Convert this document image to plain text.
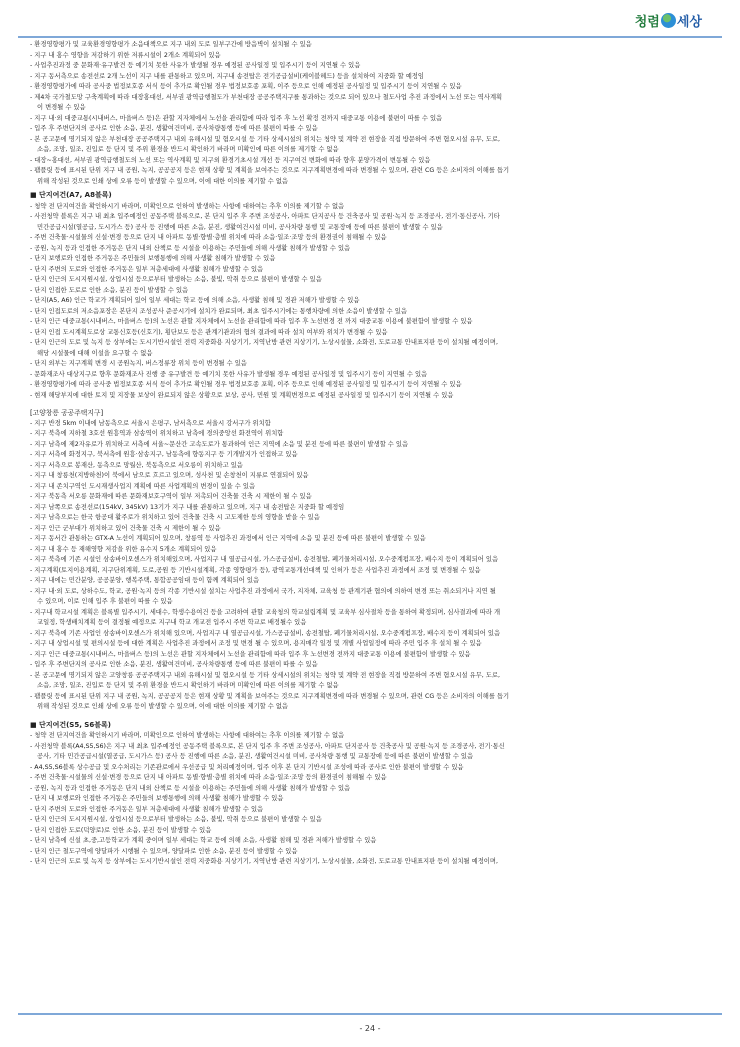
청렴 세상

- 환경영향평가 및 교육환경영향평가 소음대책으로 지구 내외 도로 일부구간에 방음벽이 설치될 수 있음

- 지구 내 홍수 영향을 저감하기 위한 저류시설이 2개소 계획되어 있음

- 사업추진과정 중 문화재·유구발견 등 예기치 못한 사유가 발생될 경우 예정된 공사일정 및 입주시기 등이 지연될 수 있음

- 지구 동서측으로 송전선로 2개 노선이 지구 내를 관통하고 있으며, 지구내 송전탑은 전기공급설비(케이블헤드) 등을 설치하여 지중화 할 예정임

- 환경영향평가에 따라 공사중 법정보호종 서식 등이 추가로 확인될 경우 법정보호종 포획, 이주 등으로 인해 예정된 공사일정 및 입주시기 등이 지연될 수 있음

- 제4차 국가철도망 구축계획에 따라 대장홍대선, 서부권 광역급행철도가 부천대장 공공주택지구를 통과하는 것으로 되어 있으나 철도사업 추진 과정에서 노선 또는 역사계획

이 변경될 수 있음

- 지구 내·외 대중교통(시내버스, 마을버스 등)은 관할 지자체에서 노선을 관리함에 따라 입주 후 노선 확정 전까지 대중교통 이용에 불편이 따를 수 있음

- 입주 후 주변단지의 공사로 인한 소음, 분진, 생활여건미비, 공사차량통행 등에 따른 불편이 따를 수 있음

- 본 공고문에 명기되지 않은 부천대장 공공주택지구 내외 유해시설 및 혐오시설 등 기타 상세시설의 위치는 청약 및 계약 전 현장을 직접 방문하여 주변 혐오시설 유무, 도로,

소음, 조망, 일조, 진입로 등 단지 및 주위 환경을 반드시 확인하기 바라며 미확인에 따른 이의를 제기할 수 없음

- 대장~홍대선, 서부권 광역급행철도의 노선 또는 역사계획 및 지구외 환경기초시설 개선 등 지구여건 변화에 따라 향후 분양가격이 변동될 수 있음

- 팸플릿 등에 표시된 단위 지구 내 공원, 녹지, 공공공지 등은 현재 상황 및 계획을 보여주는 것으로 지구계획변경에 따라 변경될 수 있으며, 관련 CG 등은 소비자의 이해를 돕기

위해 작성된 것으로 인쇄 상에 오류 등이 발생할 수 있으며, 이에 대한 이의를 제기할 수 없음

■ 단지여건(A7, A8블록)

- 청약 전 단지여건을 확인하시기 바라며, 미확인으로 인하여 발생하는 사항에 대하여는 추후 이의를 제기할 수 없음

- 사전청약 블록은 지구 내 최초 입주예정인 공동주택 블록으로, 본 단지 입주 후 주변 조성공사, 아파트 단지공사 등 건축공사 및 공원·녹지 등 조경공사, 전기·통신공사, 기타

민간공급시설(열공급, 도시가스 등) 공사 등 진행에 따른 소음, 분진, 생활여건시설 미비, 공사차량 통행 및 교통장애 등에 따른 불편이 발생할 수 있음

- 주변 건축물·시설물의 신설·변경 등으로 단지 내 아파트 동별·향별·층별 위치에 따라 소음·일조·조망 등의 환경권이 침해될 수 있음

- 공원, 녹지 등과 인접한 주거동은 단지 내외 산책로 등 시설을 이용하는 주민들에 의해 사생활 침해가 발생할 수 있음

- 단지 보행로와 인접한 주거동은 주민들의 보행통행에 의해 사생활 침해가 발생할 수 있음

- 단지 주변의 도로와 인접한 주거동은 일부 저층세대에 사생활 침해가 발생할 수 있음

- 단지 인근의 도시지원시설, 상업시설 등으로부터 발생하는 소음, 불빛, 악취 등으로 불편이 발생할 수 있음

- 단지 인접한 도로로 인한 소음, 분진 등이 발생할 수 있음

- 단지(A5, A6) 인근 학교가 계획되어 있어 일부 세대는 학교 등에 의해 소음, 사생활 침해 및 경관 저해가 발생할 수 있음

- 단지 인접도로의 저소음포장은 본단지 조성공사 준공시기에 설치가 완료되며, 최초 입주시기에는 통행차량에 의한 소음이 발생할 수 있음

- 단지 인근 대중교통(시내버스, 마을버스 등)의 노선은 관할 지자체에서 노선을 관리함에 따라 입주 후 노선변경 전 까지 대중교통 이용에 불편함이 발생할 수 있음

- 단지 인접 도시계획도로상 교통신호등(신호기), 횡단보도 등은 관계기관과의 협의 결과에 따라 설치 여부와 위치가 변경될 수 있음

- 단지 인근의 도로 및 녹지 등 상부에는 도시기반시설인 전력 지중화용 지상기기, 지역난방 관련 지상기기, 노상시설물, 소화전, 도로교통 안내표지판 등이 설치될 예정이며,

해당 시설물에 대해 이설을 요구할 수 없음

- 단지 외부는 지구계획 변경 시 공원녹지, 버스정류장 위치 등이 변경될 수 있음

- 문화재조사 대상지구로 향후 문화재조사 진행 중 유구발견 등 예기치 못한 사유가 발생될 경우 예정된 공사일정 및 입주시기 등이 지연될 수 있음

- 환경영향평가에 따라 공사중 법정보호종 서식 등이 추가로 확인될 경우 법정보호종 포획, 이주 등으로 인해 예정된 공사일정 및 입주시기 등이 지연될 수 있음

- 현재 해당부지에 대한 토지 및 지장물 보상이 완료되지 않은 상황으로 보상, 공사, 민원 및 계획변경으로 예정된 공사일정 및 입주시기 등이 지연될 수 있음

[고양창릉 공공주택지구]

- 지구 반경 5km 이내에 남동측으로 서울시 은평구, 남서측으로 서울시 강서구가 위치함

- 지구 북측에 지하철 3호선 원흥역과 삼송역이 위치하고 남측에 경의중앙선 화전역이 위치함

- 지구 남측에 제2자유로가 위치하고 서측에 서울~문산간 고속도로가 통과하여 인근 지역에 소음 및 분진 등에 따른 불편이 발생할 수 있음

- 지구 서측에 화정지구, 북서측에 원흥·삼송지구, 남동측에 향동지구 등 기개발지가 인접하고 있음

- 지구 서측으로 봉재산, 동측으로 망월산, 북동측으로 서오릉이 위치하고 있음

- 지구 내 창릉천(지방하천)이 북에서 남으로 흐르고 있으며, 성사천 및 손창천이 지류로 연결되어 있음

- 지구 내 존치구역인 도시재생사업지 계획에 따른 사업계획의 변경이 있을 수 있음

- 지구 북동측 서오릉 문화재에 따른 문화재보호구역이 일부 저촉되어 건축물 건축 시 제한이 될 수 있음

- 지구 남쪽으로 송전선로(154kV, 345kV) 13기가 지구 내를 관통하고 있으며, 지구 내 송전탑은 지중화 할 예정임

- 지구 남측으로는 한국 항공대 활주로가 위치하고 있어 건축물 건축 시 고도제한 등의 영향을 받을 수 있음

- 지구 인근 군부대가 위치하고 있어 건축물 건축 시 제한이 될 수 있음

- 지구 동서간 관통하는 GTX-A 노선이 계획되어 있으며, 창릉역 등 사업추진 과정에서 인근 지역에 소음 및 분진 등에 따른 불편이 발생할 수 있음

- 지구 내 홍수 등 재해영향 저감을 위한 유수지 5개소 계획되어 있음

- 지구 북측에 기존 시설인 삼송바이오센스가 위치해있으며, 사업지구 내 열공급시설, 가스공급설비, 송전철탑, 폐기물처리시설, 오수중계펌프장, 배수지 등이 계획되어 있음

- 지구계획(토지이용계획, 지구단위계획, 도로,공원 등 기반시설계획, 각종 영향평가 등), 광역교통개선대책 및 인허가 등은 사업추진 과정에서 조정 및 변경될 수 있음

- 지구 내에는 민간분양, 공공분양, 행복주택, 통합공공임대 등이 함께 계획되어 있음

- 지구 내·외 도로, 상하수도, 학교, 공원·녹지 등의 각종 기반시설 설치는 사업추진 과정에서 국가, 지자체, 교육청 등 관계기관 협의에 의하여 변경 또는 취소되거나 지연 될

수 있으며, 이로 인해 입주 후 불편이 따를 수 있음

- 지구내 학교시설 계획은 블록별 입주시기, 세대수, 학생수용여건 등을 고려하여 관할 교육청의 학교설립계획 및 교육부 심사절차 등을 통하여 확정되며, 심사결과에 따라 개

교일정, 학생배치계획 등이 결정될 예정으로 지구내 학교 개교전 입주시 주변 학교로 배정될수 있음

- 지구 북측에 기존 사업인 삼송바이오센스가 위치해 있으며, 사업지구 내 열공급시설, 가스공급설비, 송전철탑, 폐기물처리시설, 오수중계펌프장, 배수지 등이 계획되어 있음

- 지구 내 상업시설 및 편의시설 등에 대한 계획은 사업추진 과정에서 조정 및 변경 될 수 있으며, 용지매각 일정 및 개별 사업일정에 따라 주민 입주 후 설치 될 수 있음

- 지구 인근 대중교통(시내버스, 마을버스 등)의 노선은 관할 지자체에서 노선을 관리함에 따라 입주 후 노선변경 전까지 대중교통 이용에 불편함이 발생할 수 있음

- 입주 후 주변단지의 공사로 인한 소음, 분진, 생활여건미비, 공사차량통행 등에 따른 불편이 따를 수 있음

- 본 공고문에 명기되지 않은 고양창릉 공공주택지구 내외 유해시설 및 혐오시설 등 기타 상세시설의 위치는 청약 및 계약 전 현장을 직접 방문하여 주변 혐오시설 유무, 도로,

소음, 조망, 일조, 진입로 등 단지 및 주위 환경을 반드시 확인하기 바라며 미확인에 따른 이의를 제기할 수 없음

- 팸플릿 등에 표시된 단위 지구 내 공원, 녹지, 공공공지 등은 현재 상황 및 계획을 보여주는 것으로 지구계획변경에 따라 변경될 수 있으며, 관련 CG 등은 소비자의 이해를 돕기

위해 작성된 것으로 인쇄 상에 오류 등이 발생할 수 있으며, 이에 대한 이의를 제기할 수 없음

■ 단지여건(S5, S6블록)

- 청약 전 단지여건을 확인하시기 바라며, 미확인으로 인하여 발생하는 사항에 대하여는 추후 이의를 제기할 수 없음

- 사전청약 블록(A4,S5,S6)은 지구 내 최초 입주예정인 공동주택 블록으로, 본 단지 입주 후 주변 조성공사, 아파트 단지공사 등 건축공사 및 공원·녹지 등 조경공사, 전기·통신

공사, 기타 민간공급시설(열공급, 도시가스 등) 공사 등 진행에 따른 소음, 분진, 생활여건시설 미비, 공사차량 통행 및 교통장애 등에 따른 불편이 발생할 수 있음

- A4,S5,S6블록 상수공급 및 오수처리는 기존관로에서 우선공급 및 처리예정이며, 입주 이후 본 단지 기반시설 조성에 따라 공사로 인한 불편이 발생할 수 있음

- 주변 건축물·시설물의 신설·변경 등으로 단지 내 아파트 동별·향별·층별 위치에 따라 소음·일조·조망 등의 환경권이 침해될 수 있음

- 공원, 녹지 등과 인접한 주거동은 단지 내외 산책로 등 시설을 이용하는 주민들에 의해 사생활 침해가 발생할 수 있음

- 단지 내 보행로와 인접한 주거동은 주민들의 보행통행에 의해 사생활 침해가 발생할 수 있음

- 단지 주변의 도로와 인접한 주거동은 일부 저층세대에 사생활 침해가 발생할 수 있음

- 단지 인근의 도시지원시설, 상업시설 등으로부터 발생하는 소음, 불빛, 악취 등으로 불편이 발생할 수 있음

- 단지 인접한 도로(덕양로)로 인한 소음, 분진 등이 발생할 수 있음

- 단지 남측에 신설 초,중,고등학교가 계획 중이며 일부 세대는 학교 등에 의해 소음, 사생활 침해 및 경관 저해가 발생할 수 있음

- 단지 인근 철도구역에 양달파가 시행될 수 있으며, 양달파로 인한 소음, 분진 등이 발생할 수 있음

- 단지 인근의 도로 및 녹지 등 상부에는 도시기반시설인 전력 지중화용 지상기기, 지역난방 관련 지상기기, 노상시설물, 소화전, 도로교통 안내표지판 등이 설치될 예정이며,

- 24 -
